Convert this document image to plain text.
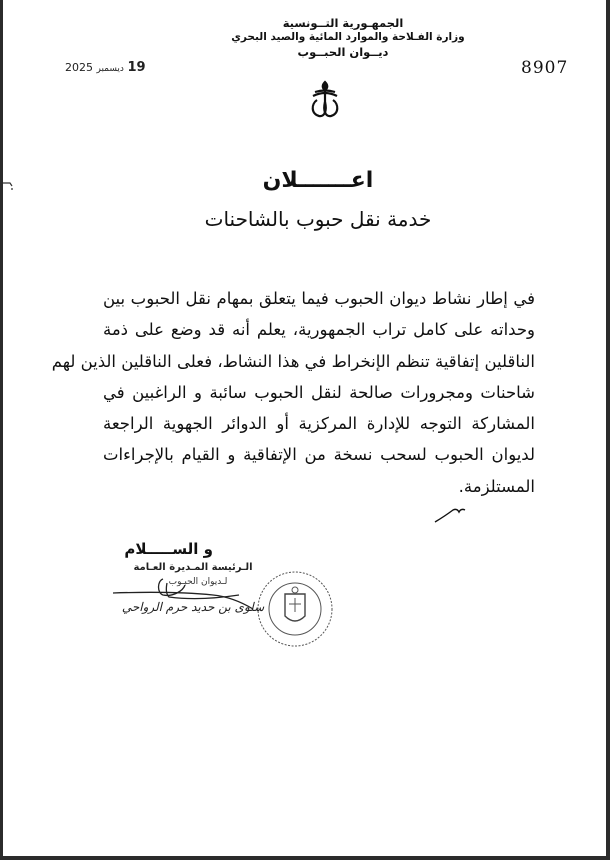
الجمهـورية التــونسية
وزارة الفـلاحة والموارد المائية والصيد البحري
ديــوان الحبــوب
8907
19 ديسمبر 2025
اعـــــــلان
خدمة نقل حبوب بالشاحنات
في إطار نشاط ديوان الحبوب فيما يتعلق بمهام نقل الحبوب بين
وحداته على كامل تراب الجمهورية، يعلم أنه قد وضع على ذمة
الناقلين إتفاقية تنظم الإنخراط في هذا النشاط، فعلى الناقلين الذين لهم
شاحنات ومجرورات صالحة لنقل الحبوب سائبة و الراغبين في
المشاركة التوجه للإدارة المركزية أو الدوائر الجهوية الراجعة
لديوان الحبوب لسحب نسخة من الإتفاقية و القيام بالإجراءات
المستلزمة.
و الســـــلام
الـرئيسة المـديرة العـامة
لـديوان الحبـوب
سلوى بن حديد حرم الرواحي
